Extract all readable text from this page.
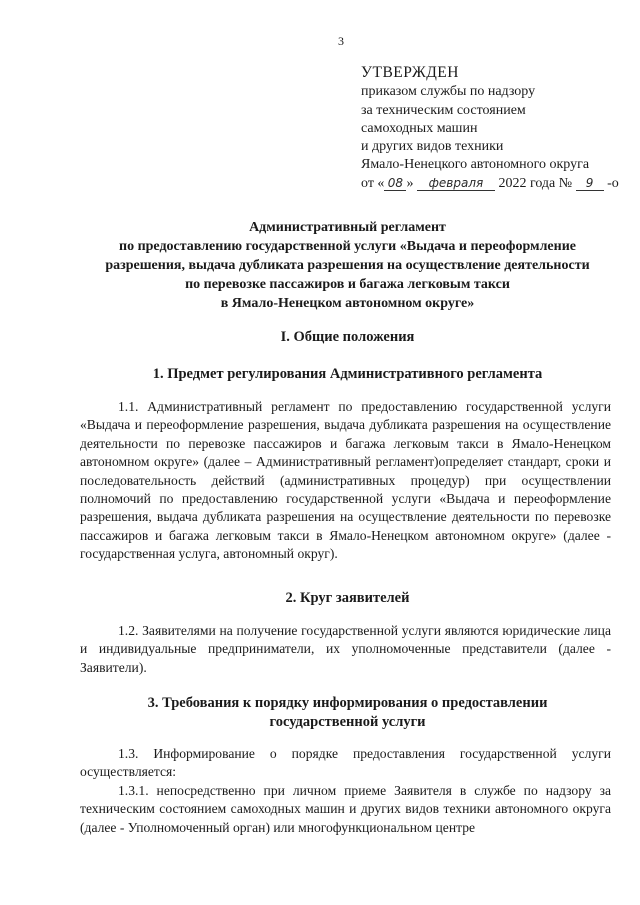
3
УТВЕРЖДЕН
приказом службы по надзору
за техническим состоянием
самоходных машин
и других видов техники
Ямало-Ненецкого автономного округа
от « 08 » февраля 2022 года № 9 -о
Административный регламент
по предоставлению государственной услуги «Выдача и переоформление
разрешения, выдача дубликата разрешения на осуществление деятельности
по перевозке пассажиров и багажа легковым такси
в Ямало-Ненецком автономном округе»
I. Общие положения
1. Предмет регулирования Административного регламента
1.1. Административный регламент по предоставлению государственной услуги «Выдача и переоформление разрешения, выдача дубликата разрешения на осуществление деятельности по перевозке пассажиров и багажа легковым такси в Ямало-Ненецком автономном округе» (далее – Административный регламент)определяет стандарт, сроки и последовательность действий (административных процедур) при осуществлении полномочий по предоставлению государственной услуги «Выдача и переоформление разрешения, выдача дубликата разрешения на осуществление деятельности по перевозке пассажиров и багажа легковым такси в Ямало-Ненецком автономном округе» (далее - государственная услуга, автономный округ).
2. Круг заявителей
1.2. Заявителями на получение государственной услуги являются юридические лица и индивидуальные предприниматели, их уполномоченные представители (далее - Заявители).
3. Требования к порядку информирования о предоставлении
государственной услуги
1.3. Информирование о порядке предоставления государственной услуги осуществляется:
1.3.1. непосредственно при личном приеме Заявителя в службе по надзору за техническим состоянием самоходных машин и других видов техники автономного округа (далее - Уполномоченный орган) или многофункциональном центре
